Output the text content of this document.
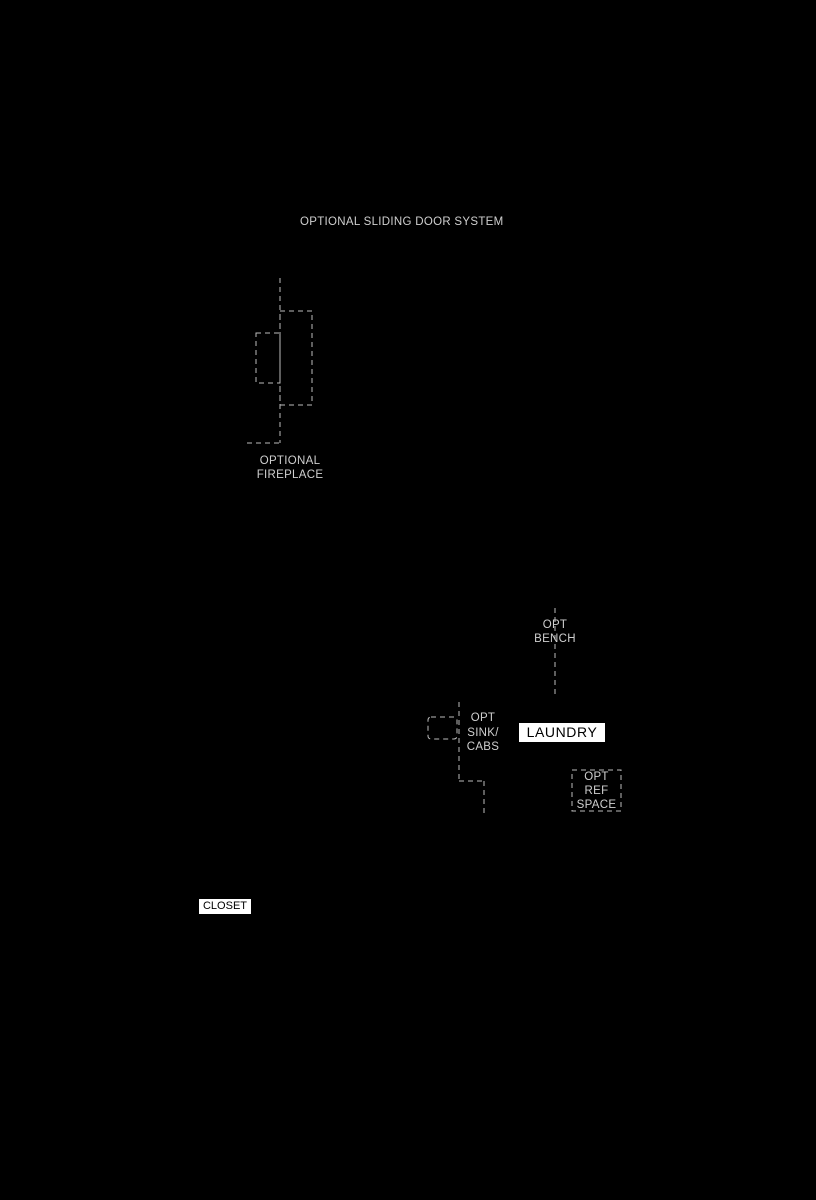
OPTIONAL SLIDING DOOR SYSTEM
OPTIONAL
FIREPLACE
OPT
BENCH
OPT
SINK/
CABS
OPT
REF
SPACE
LAUNDRY
CLOSET
